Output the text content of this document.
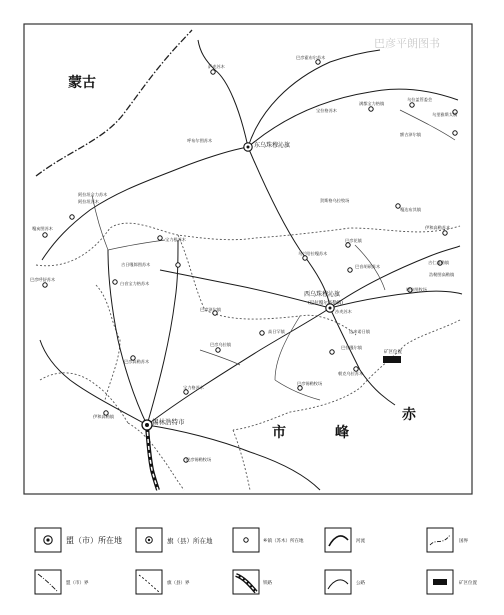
巴彦平朗图书
蒙古
市	峰
赤
东乌珠穆沁旗
西乌珠穆沁旗
(巴拉嘎尔高勒镇)
锡林浩特市
矿区位置
萨麦苏木
巴彦霍布尔苏木
宝拉格苏木
满都宝力格镇
乌拉盖管委会
乌里雅斯太镇
呼布尔图苏木
额吉淖尔镇
阿拉坦合力苏木
嘎达布其镇
阿拉坦苏木	贺斯格乌拉牧场
嘎亥图苏木
宝力根苏木
伊和高勒苏木
白音宝力格苏木
巴彦呼舒苏木
巴彦花镇
乌兰哈拉嘎苏木
巴音胡硕苏木
吉仁高勒镇
吉日嘎郎图苏木
巴彦淖尔镇
哈拉图牧场
浩勒图高勒镇
高日罕镇
巴彦乌拉镇
沙麦苏木
达来诺日镇
巴拉嘎尔镇
巴彦高勒苏木
宝力格苏木
伊和高勒镇
朝克乌拉苏木
巴彦锡勒牧场
巴彦锡勒牧场
盟（市）所在地	旗（县）所在地	乡镇（苏木）所在地	河流	国界
盟（市）界	旗（县）界	铁路	公路	矿区位置
